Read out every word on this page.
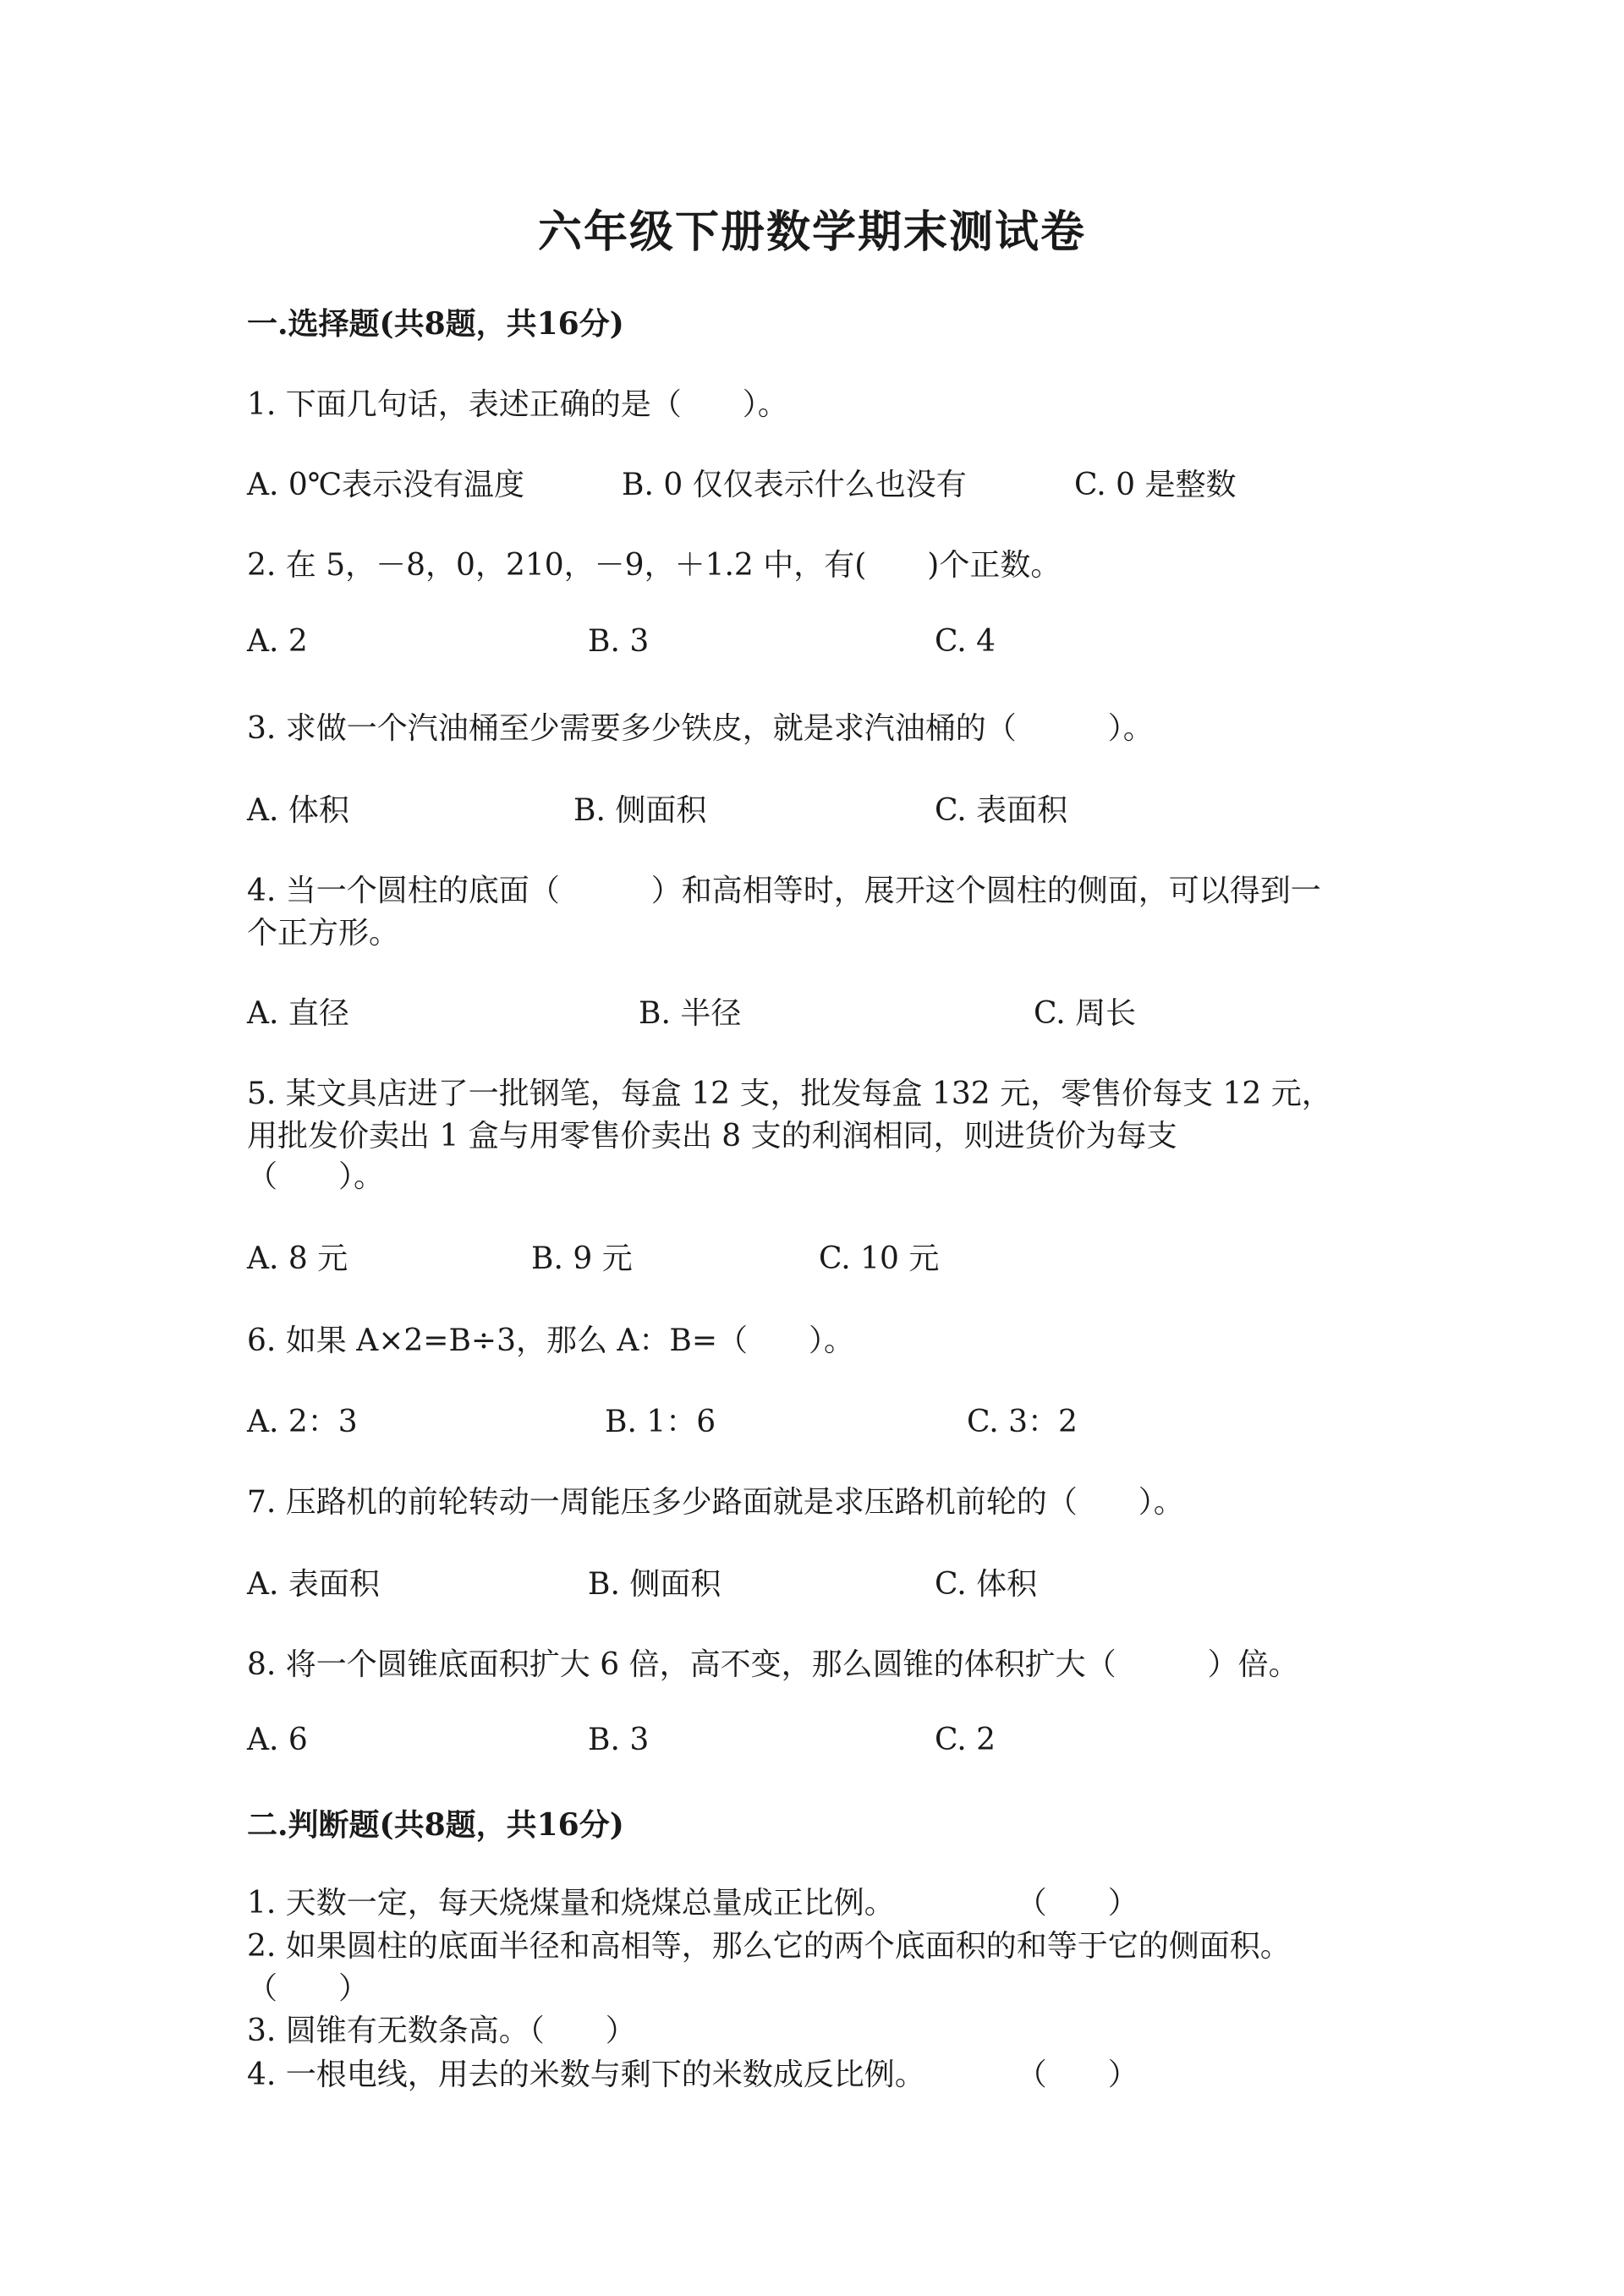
六年级下册数学期末测试卷
一.选择题(共8题，共16分)
1. 下面几句话，表述正确的是（　　）。
A. 0℃表示没有温度	B. 0 仅仅表示什么也没有	C. 0 是整数
2. 在 5，－8，0，210，－9，＋1.2 中，有(　　)个正数。
A. 2	B. 3	C. 4
3. 求做一个汽油桶至少需要多少铁皮，就是求汽油桶的（　　　）。
A. 体积	B. 侧面积	C. 表面积
4. 当一个圆柱的底面（　　　）和高相等时，展开这个圆柱的侧面，可以得到一
个正方形。
A. 直径	B. 半径	C. 周长
5. 某文具店进了一批钢笔，每盒 12 支，批发每盒 132 元，零售价每支 12 元，
用批发价卖出 1 盒与用零售价卖出 8 支的利润相同，则进货价为每支
（　　）。
A. 8 元	B. 9 元	C. 10 元
6. 如果 A×2=B÷3，那么 A：B=（　　）。
A. 2：3	B. 1：6	C. 3：2
7. 压路机的前轮转动一周能压多少路面就是求压路机前轮的（　　）。
A. 表面积	B. 侧面积	C. 体积
8. 将一个圆锥底面积扩大 6 倍，高不变，那么圆锥的体积扩大（　　　）倍。
A. 6	B. 3	C. 2
二.判断题(共8题，共16分)
1. 天数一定，每天烧煤量和烧煤总量成正比例。　　　　　（　　）
2. 如果圆柱的底面半径和高相等，那么它的两个底面积的和等于它的侧面积。
（　　）
3. 圆锥有无数条高。（　　）
4. 一根电线，用去的米数与剩下的米数成反比例。　　　　（　　）
